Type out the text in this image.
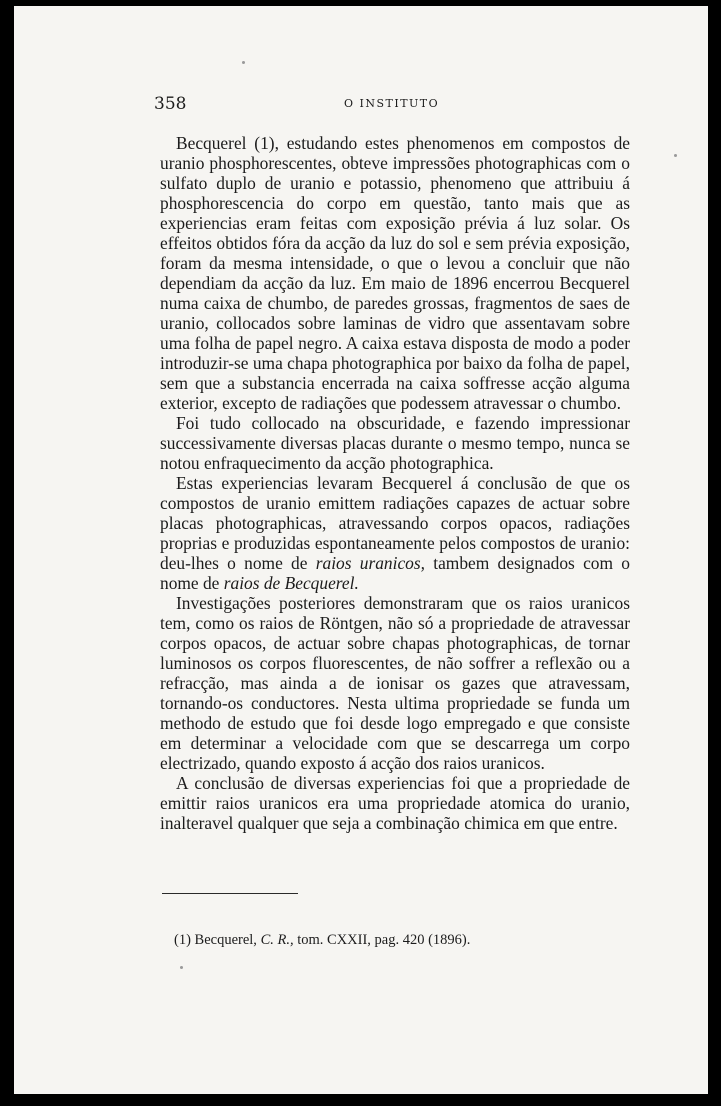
358	O INSTITUTO

Becquerel (1), estudando estes phenomenos em compostos de uranio phosphorescentes, obteve impressões photographicas com o sulfato duplo de uranio e potassio, phenomeno que attribuiu á phosphorescencia do corpo em questão, tanto mais que as experiencias eram feitas com exposição prévia á luz solar. Os effeitos obtidos fóra da acção da luz do sol e sem prévia exposição, foram da mesma intensidade, o que o levou a concluir que não dependiam da acção da luz. Em maio de 1896 encerrou Becquerel numa caixa de chumbo, de paredes grossas, fragmentos de saes de uranio, collocados sobre laminas de vidro que assentavam sobre uma folha de papel negro. A caixa estava disposta de modo a poder introduzir-se uma chapa photographica por baixo da folha de papel, sem que a substancia encerrada na caixa soffresse acção alguma exterior, excepto de radiações que podessem atravessar o chumbo.

Foi tudo collocado na obscuridade, e fazendo impressionar successivamente diversas placas durante o mesmo tempo, nunca se notou enfraquecimento da acção photographica.

Estas experiencias levaram Becquerel á conclusão de que os compostos de uranio emittem radiações capazes de actuar sobre placas photographicas, atravessando corpos opacos, radiações proprias e produzidas espontaneamente pelos compostos de uranio: deu-lhes o nome de raios uranicos, tambem designados com o nome de raios de Becquerel.

Investigações posteriores demonstraram que os raios uranicos tem, como os raios de Röntgen, não só a propriedade de atravessar corpos opacos, de actuar sobre chapas photographicas, de tornar luminosos os corpos fluorescentes, de não soffrer a reflexão ou a refracção, mas ainda a de ionisar os gazes que atravessam, tornando-os conductores. Nesta ultima propriedade se funda um methodo de estudo que foi desde logo empregado e que consiste em determinar a velocidade com que se descarrega um corpo electrizado, quando exposto á acção dos raios uranicos.

A conclusão de diversas experiencias foi que a propriedade de emittir raios uranicos era uma propriedade atomica do uranio, inalteravel qualquer que seja a combinação chimica em que entre.

(1) Becquerel, C. R., tom. CXXII, pag. 420 (1896).
